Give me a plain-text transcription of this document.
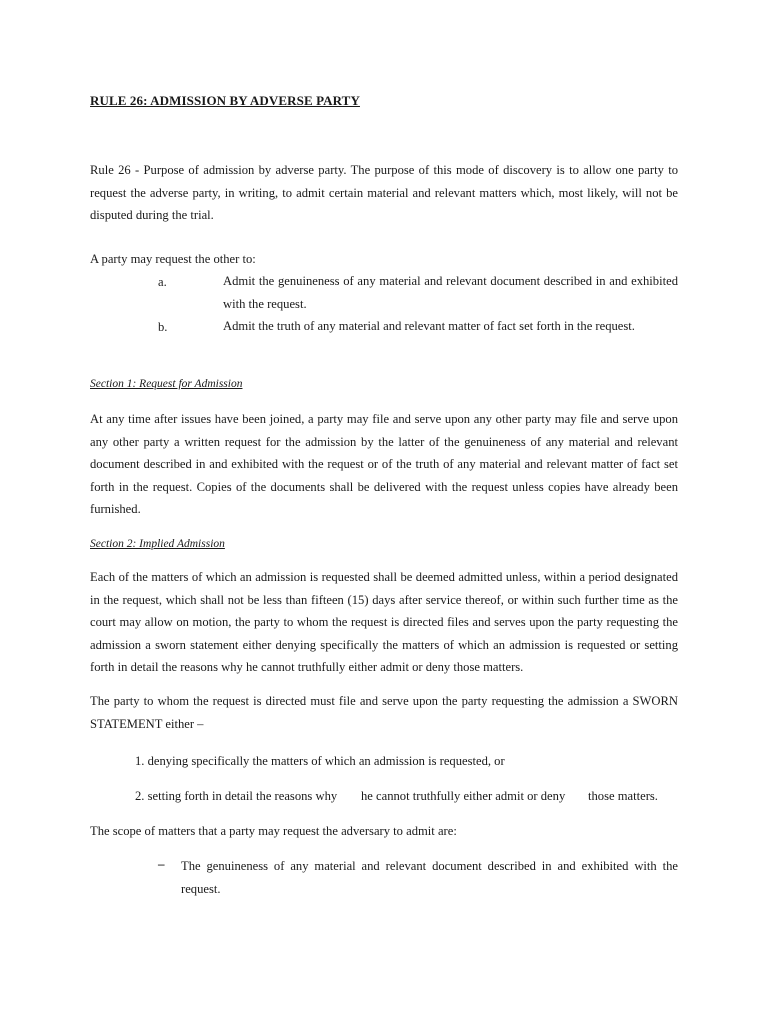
RULE 26: ADMISSION BY ADVERSE PARTY

Rule 26 - Purpose of admission by adverse party. The purpose of this mode of discovery is to allow one party to request the adverse party, in writing, to admit certain material and relevant matters which, most likely, will not be disputed during the trial.

A party may request the other to:

a.	Admit the genuineness of any material and relevant document described in and exhibited with the request.

b.	Admit the truth of any material and relevant matter of fact set forth in the request.

Section 1: Request for Admission

At any time after issues have been joined, a party may file and serve upon any other party may file and serve upon any other party a written request for the admission by the latter of the genuineness of any material and relevant document described in and exhibited with the request or of the truth of any material and relevant matter of fact set forth in the request. Copies of the documents shall be delivered with the request unless copies have already been furnished.

Section 2: Implied Admission

Each of the matters of which an admission is requested shall be deemed admitted unless, within a period designated in the request, which shall not be less than fifteen (15) days after service thereof, or within such further time as the court may allow on motion, the party to whom the request is directed files and serves upon the party requesting the admission a sworn statement either denying specifically the matters of which an admission is requested or setting forth in detail the reasons why he cannot truthfully either admit or deny those matters.

The party to whom the request is directed must file and serve upon the party requesting the admission a SWORN STATEMENT either –

1. denying specifically the matters of which an admission is requested, or

2. setting forth in detail the reasons why he cannot truthfully either admit or deny those matters.

The scope of matters that a party may request the adversary to admit are:

– The genuineness of any material and relevant document described in and exhibited with the request.
